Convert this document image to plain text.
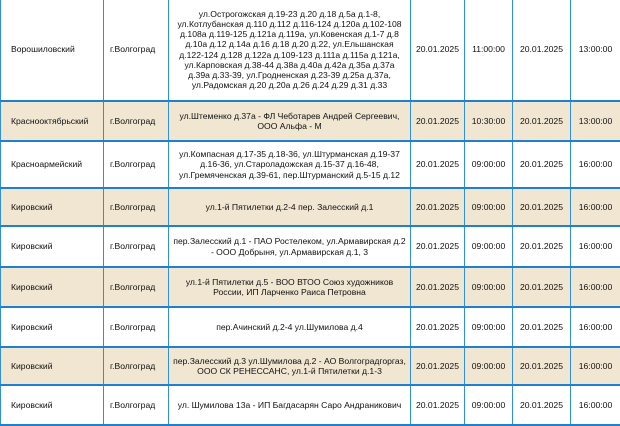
Ворошиловский	г.Волгоград	ул.Острогожская д.19-23 д.20 д.18 д.5а д.1-8, ул.Котлубанская д.110 д.112 д.116-124 д.120а д.102-108 д.108а д.119-125 д.121а д.119а, ул.Ковенская д.1-7 д.8 д.10а д.12 д.14а д.16 д.18 д.20 д.22, ул.Ельшанская д.122-124 д.128 д.122а д.109-123 д.111а д.115а д.121а, ул.Карповская д.38-44 д.38а д.40а д.42а д.35а д.37а д.39а д.33-39, ул.Гродненская д.23-39 д.25а д.37а, ул.Радомская д.20 д.20а д.26 д.24 д.29 д.31 д.33	20.01.2025	11:00:00	20.01.2025	13:00:00
Краснооктябрьский	г.Волгоград	ул.Штеменко д.37а - ФЛ Чеботарев Андрей Сергеевич, ООО Альфа - М	20.01.2025	10:30:00	20.01.2025	13:00:00
Красноармейский	г.Волгоград	ул.Компасная д.17-35 д.18-36, ул.Штурманская д.19-37 д.16-36, ул.Староладожская д.15-37 д.16-48, ул.Гремяченская д.39-61, пер.Штурманский д.5-15 д.12	20.01.2025	09:00:00	20.01.2025	16:00:00
Кировский	г.Волгоград	ул.1-й Пятилетки д.2-4 пер. Залесский д.1	20.01.2025	09:00:00	20.01.2025	16:00:00
Кировский	г.Волгоград	пер.Залесский д.1 - ПАО Ростелеком, ул.Армавирская д.2 - ООО Добрыня, ул.Армавирская д.1, 3	20.01.2025	09:00:00	20.01.2025	16:00:00
Кировский	г.Волгоград	ул.1-й Пятилетки д.5 - ВОО ВТОО Союз художников России, ИП Ларченко Раиса Петровна	20.01.2025	09:00:00	20.01.2025	16:00:00
Кировский	г.Волгоград	пер.Ачинский д.2-4 ул.Шумилова д.4	20.01.2025	09:00:00	20.01.2025	16:00:00
Кировский	г.Волгоград	пер.Залесский д.3 ул.Шумилова д.2 - АО Волгоградгоргаз, ООО СК РЕНЕССАНС, ул.1-й Пятилетки д.1-3	20.01.2025	09:00:00	20.01.2025	16:00:00
Кировский	г.Волгоград	ул. Шумилова 13а - ИП Багдасарян Саро Андраникович	20.01.2025	09:00:00	20.01.2025	16:00:00
